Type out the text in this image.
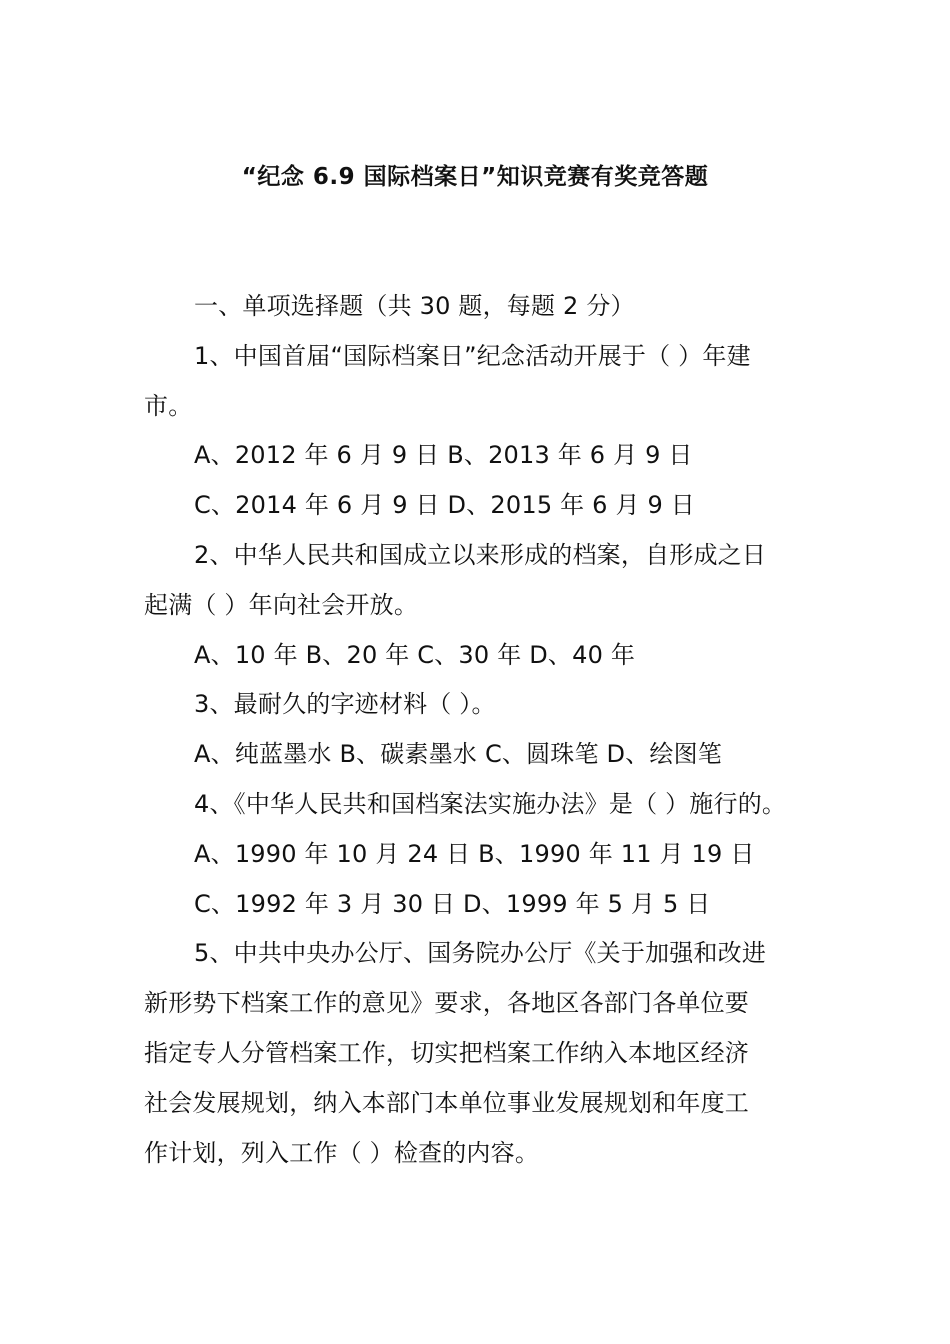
“纪念 6.9 国际档案日”知识竞赛有奖竞答题

一、单项选择题（共 30 题，每题 2 分）

1、中国首届“国际档案日”纪念活动开展于（ ）年建

市。

A、2012 年 6 月 9 日 B、2013 年 6 月 9 日

C、2014 年 6 月 9 日 D、2015 年 6 月 9 日

2、中华人民共和国成立以来形成的档案，自形成之日

起满（ ）年向社会开放。

A、10 年 B、20 年 C、30 年 D、40 年

3、最耐久的字迹材料（ ）。

A、纯蓝墨水 B、碳素墨水 C、圆珠笔 D、绘图笔

4、《中华人民共和国档案法实施办法》是（ ）施行的。

A、1990 年 10 月 24 日 B、1990 年 11 月 19 日

C、1992 年 3 月 30 日 D、1999 年 5 月 5 日

5、中共中央办公厅、国务院办公厅《关于加强和改进

新形势下档案工作的意见》要求，各地区各部门各单位要

指定专人分管档案工作，切实把档案工作纳入本地区经济

社会发展规划，纳入本部门本单位事业发展规划和年度工

作计划，列入工作（ ）检查的内容。
